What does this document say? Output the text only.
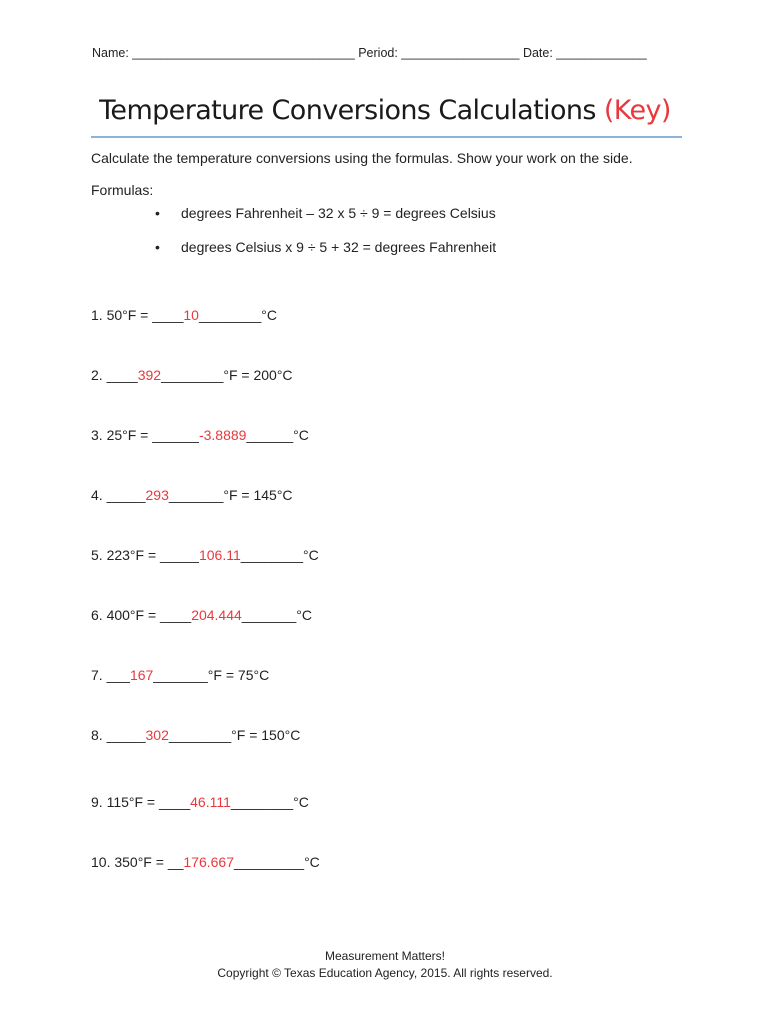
Name: ________________________________ Period: _________________ Date: _____________
Temperature Conversions Calculations (Key)
Calculate the temperature conversions using the formulas. Show your work on the side.
Formulas:
• degrees Fahrenheit – 32 x 5 ÷ 9 = degrees Celsius
• degrees Celsius x 9 ÷ 5 + 32 = degrees Fahrenheit
1. 50°F = ____10________°C
2. ____392________°F = 200°C
3. 25°F = ______-3.8889______°C
4. _____293_______°F = 145°C
5. 223°F = _____106.11________°C
6. 400°F = ____204.444_______°C
7. ___167_______°F = 75°C
8. _____302________°F = 150°C
9. 115°F = ____46.111________°C
10. 350°F = __176.667_________°C
Measurement Matters!
Copyright © Texas Education Agency, 2015. All rights reserved.
